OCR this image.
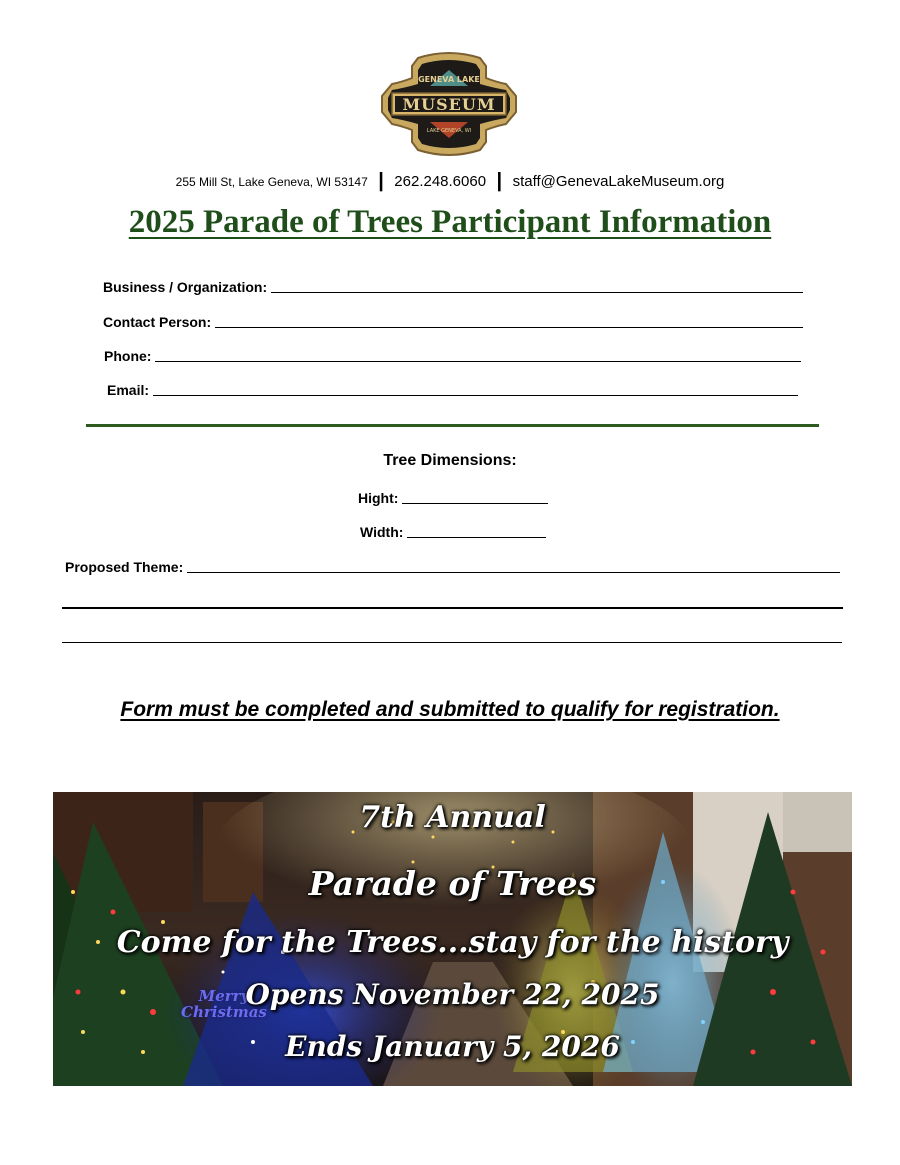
GENEVA LAKE
MUSEUM
LAKE GENEVA, WI
255 Mill St, Lake Geneva, WI 53147 | 262.248.6060 | staff@GenevaLakeMuseum.org
2025 Parade of Trees Participant Information
Business / Organization:
Contact Person:
Phone:
Email:
Tree Dimensions:
Hight:
Width:
Proposed Theme:
Form must be completed and submitted to qualify for registration.
Merry
Christmas
7th Annual
Parade of Trees
Come for the Trees...stay for the history
Opens November 22, 2025
Ends January 5, 2026
